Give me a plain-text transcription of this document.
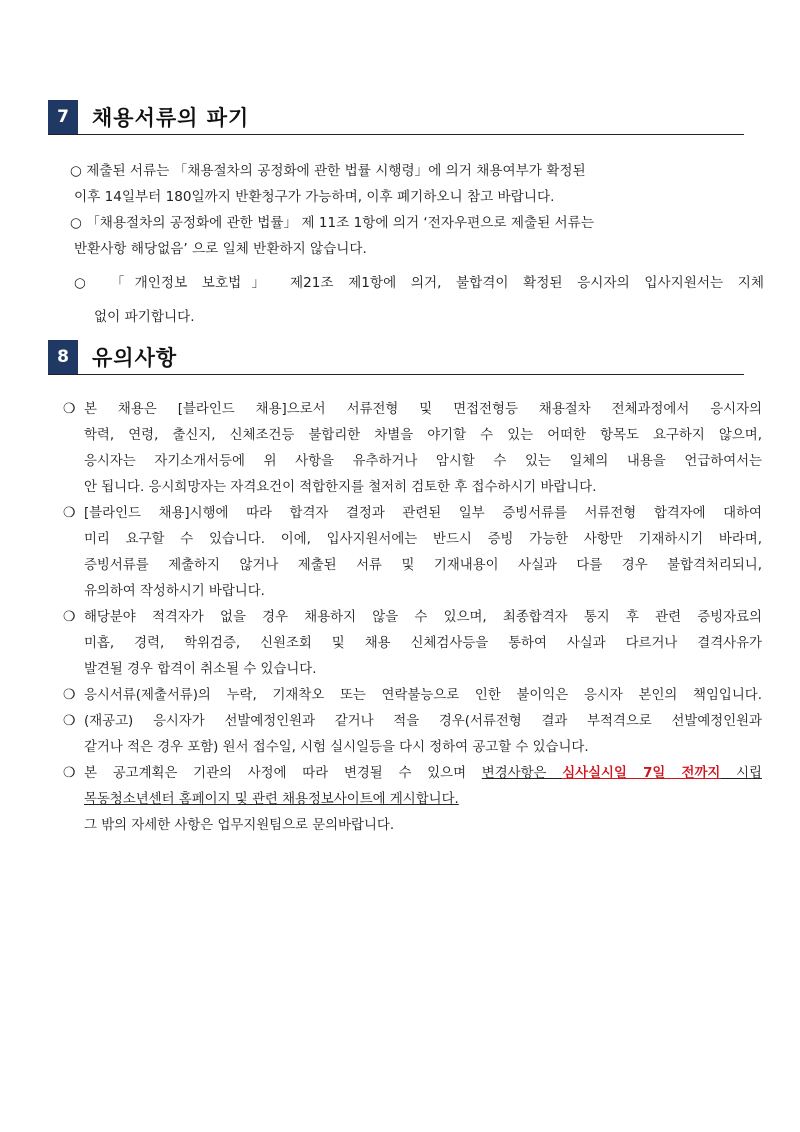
7	채용서류의 파기

○ 제출된 서류는 「채용절차의 공정화에 관한 법률 시행령」에 의거 채용여부가 확정된

이후 14일부터 180일까지 반환청구가 가능하며, 이후 폐기하오니 참고 바랍니다.

○ 「채용절차의 공정화에 관한 법률」 제 11조 1항에 의거 ‘전자우편으로 제출된 서류는

반환사항 해당없음’ 으로 일체 반환하지 않습니다.

○ 「개인정보 보호법」 제21조 제1항에 의거, 불합격이 확정된 응시자의 입사지원서는 지체

없이 파기합니다.

8	유의사항
❍ 본 채용은 [블라인드 채용]으로서 서류전형 및 면접전형등 채용절차 전체과정에서 응시자의

학력, 연령, 출신지, 신체조건등 불합리한 차별을 야기할 수 있는 어떠한 항목도 요구하지 않으며,

응시자는 자기소개서등에 위 사항을 유추하거나 암시할 수 있는 일체의 내용을 언급하여서는

안 됩니다. 응시희망자는 자격요건이 적합한지를 철저히 검토한 후 접수하시기 바랍니다.

❍ [블라인드 채용]시행에 따라 합격자 결정과 관련된 일부 증빙서류를 서류전형 합격자에 대하여

미리 요구할 수 있습니다. 이에, 입사지원서에는 반드시 증빙 가능한 사항만 기재하시기 바라며,

증빙서류를 제출하지 않거나 제출된 서류 및 기재내용이 사실과 다를 경우 불합격처리되니,

유의하여 작성하시기 바랍니다.

❍ 해당분야 적격자가 없을 경우 채용하지 않을 수 있으며, 최종합격자 통지 후 관련 증빙자료의

미흡, 경력, 학위검증, 신원조회 및 채용 신체검사등을 통하여 사실과 다르거나 결격사유가

발견될 경우 합격이 취소될 수 있습니다.

❍ 응시서류(제출서류)의 누락, 기재착오 또는 연락불능으로 인한 불이익은 응시자 본인의 책임입니다.

❍ (재공고) 응시자가 선발예정인원과 같거나 적을 경우(서류전형 결과 부적격으로 선발예정인원과

같거나 적은 경우 포함) 원서 접수일, 시험 실시일등을 다시 정하여 공고할 수 있습니다.

❍ 본 공고계획은 기관의 사정에 따라 변경될 수 있으며 변경사항은 심사실시일 7일 전까지 시립

목동청소년센터 홈페이지 및 관련 채용정보사이트에 게시합니다.

그 밖의 자세한 사항은 업무지원팀으로 문의바랍니다.
